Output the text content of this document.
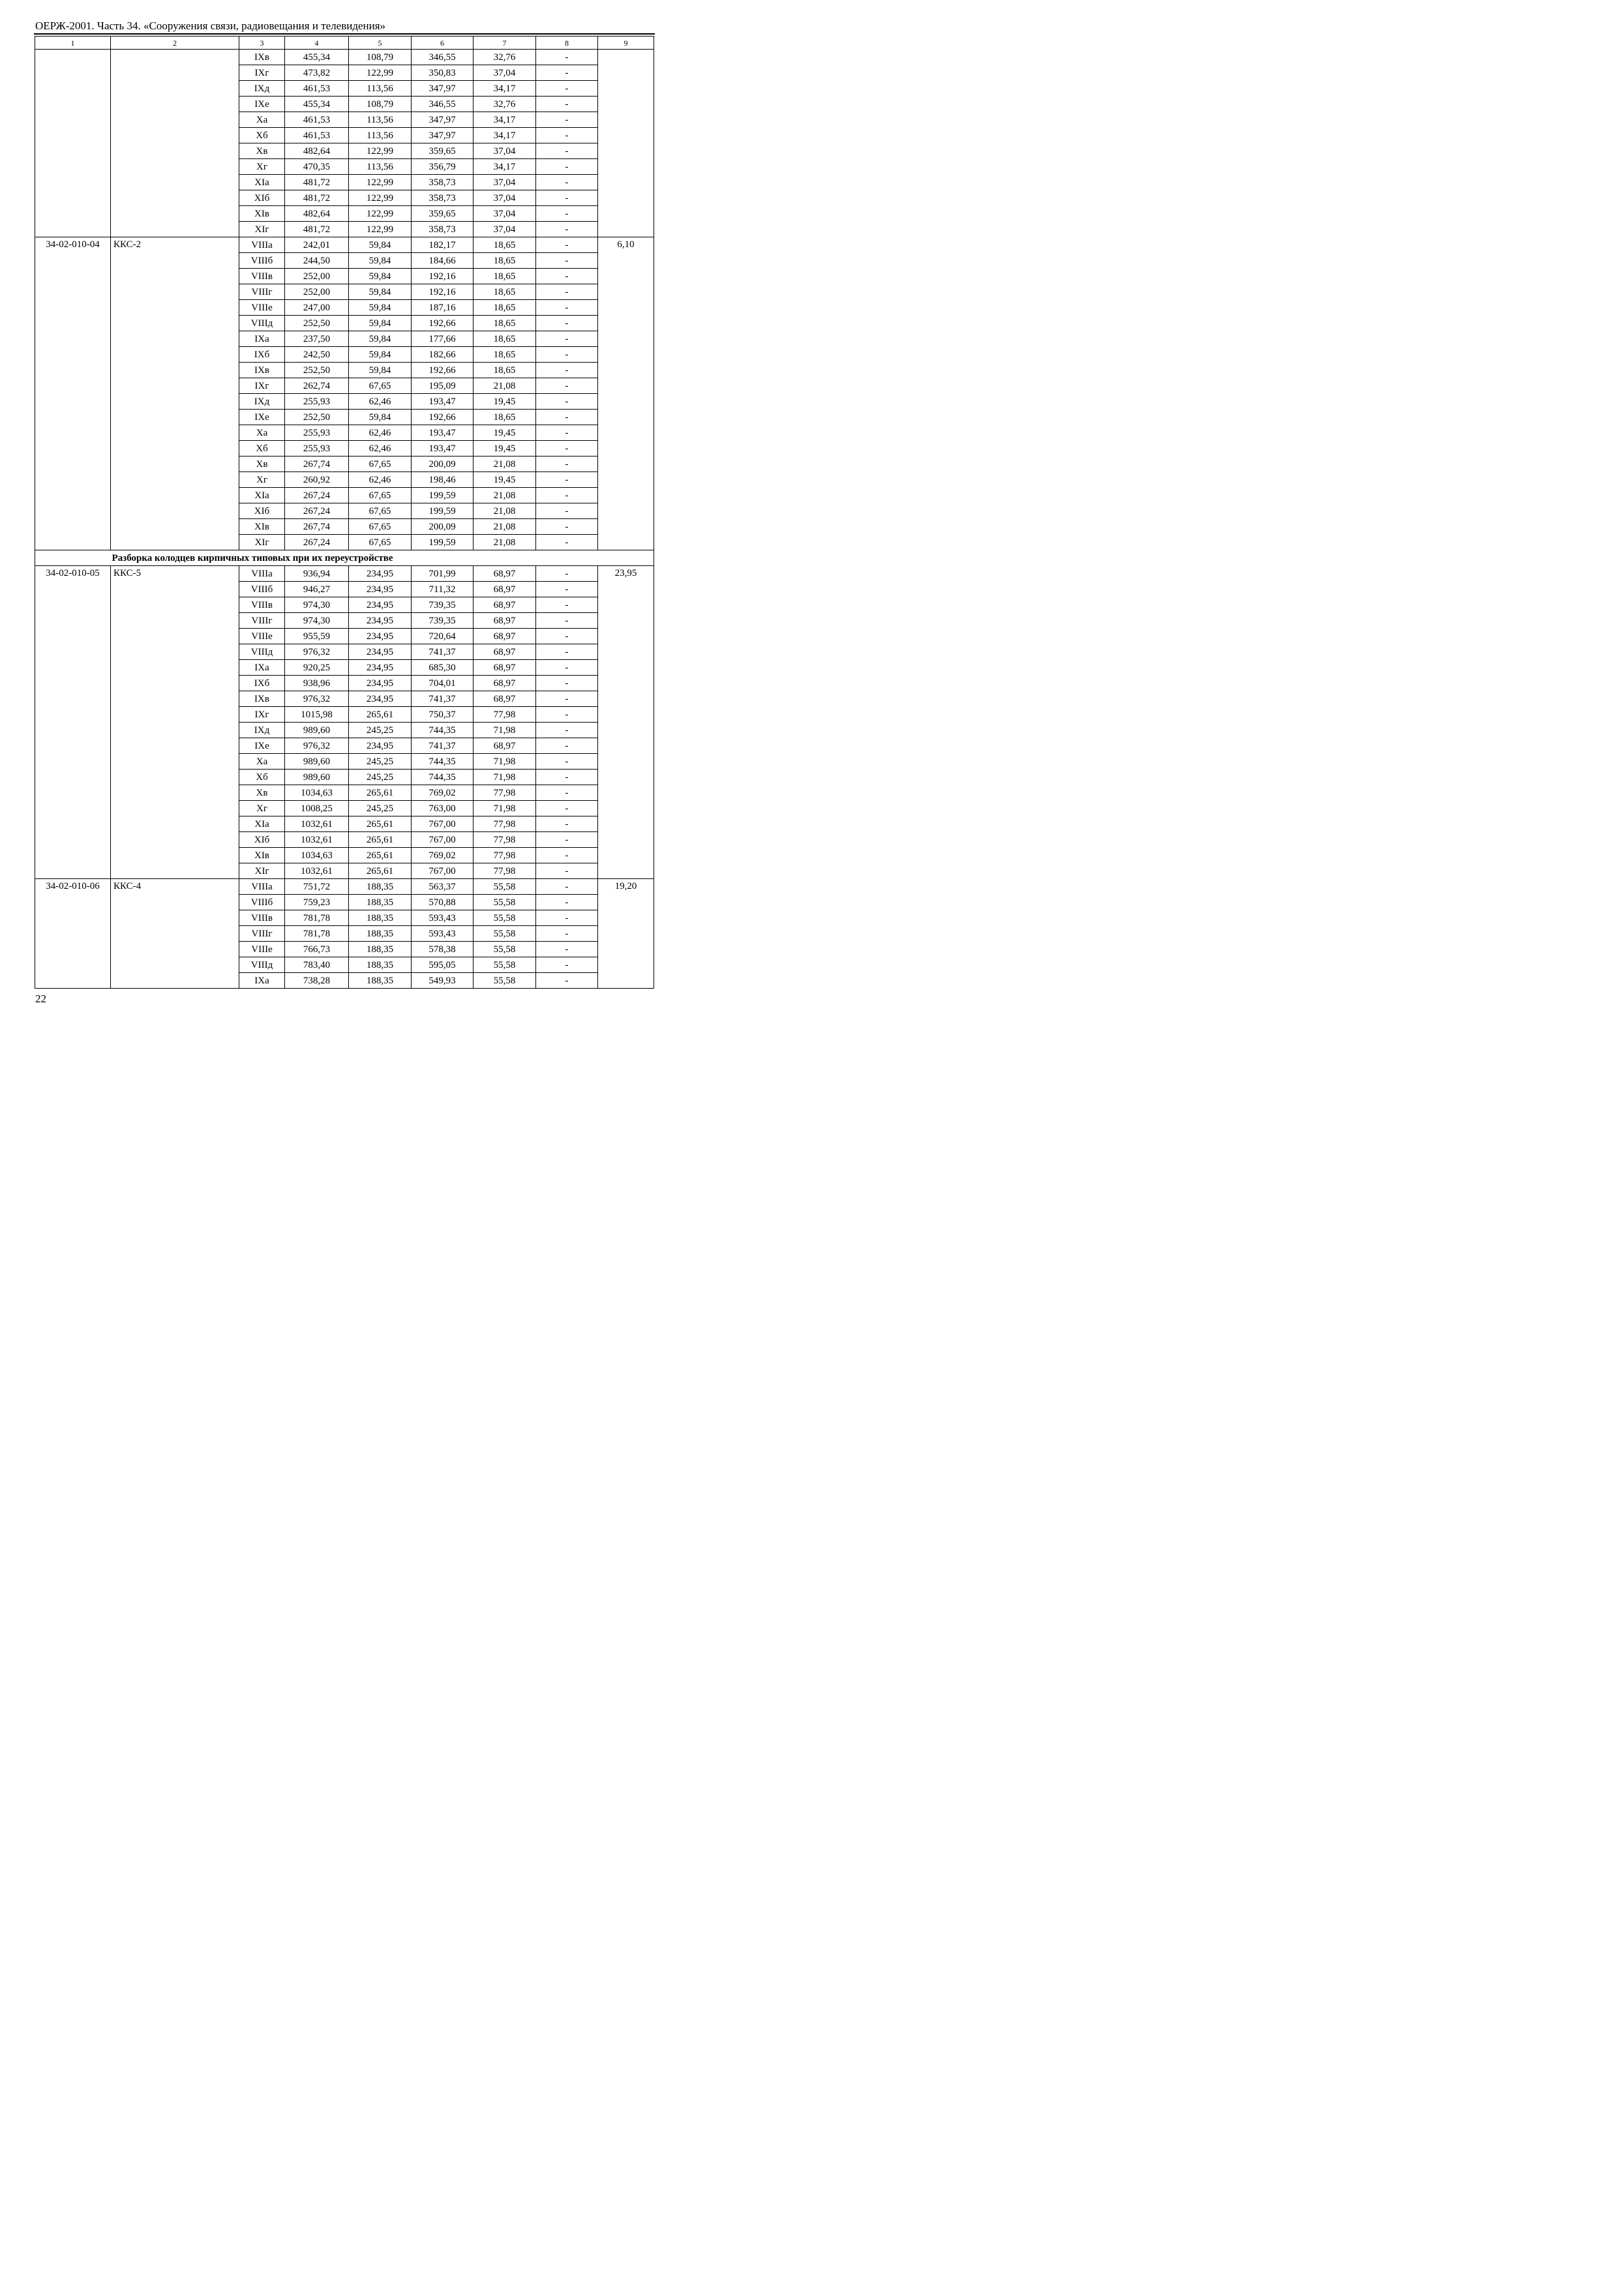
ОЕРЖ-2001. Часть 34. «Сооружения связи, радиовещания и телевидения»
1	2	3	4	5	6	7	8	9
		IXв	455,34	108,79	346,55	32,76	-	
		IXг	473,82	122,99	350,83	37,04	-	
		IXд	461,53	113,56	347,97	34,17	-	
		IXе	455,34	108,79	346,55	32,76	-	
		Xа	461,53	113,56	347,97	34,17	-	
		Xб	461,53	113,56	347,97	34,17	-	
		Xв	482,64	122,99	359,65	37,04	-	
		Xг	470,35	113,56	356,79	34,17	-	
		XIа	481,72	122,99	358,73	37,04	-	
		XIб	481,72	122,99	358,73	37,04	-	
		XIв	482,64	122,99	359,65	37,04	-	
		XIг	481,72	122,99	358,73	37,04	-	
34-02-010-04	ККС-2	VIIIа	242,01	59,84	182,17	18,65	-	6,10
		VIIIб	244,50	59,84	184,66	18,65	-	
		VIIIв	252,00	59,84	192,16	18,65	-	
		VIIIг	252,00	59,84	192,16	18,65	-	
		VIIIе	247,00	59,84	187,16	18,65	-	
		VIIIд	252,50	59,84	192,66	18,65	-	
		IXа	237,50	59,84	177,66	18,65	-	
		IXб	242,50	59,84	182,66	18,65	-	
		IXв	252,50	59,84	192,66	18,65	-	
		IXг	262,74	67,65	195,09	21,08	-	
		IXд	255,93	62,46	193,47	19,45	-	
		IXе	252,50	59,84	192,66	18,65	-	
		Xа	255,93	62,46	193,47	19,45	-	
		Xб	255,93	62,46	193,47	19,45	-	
		Xв	267,74	67,65	200,09	21,08	-	
		Xг	260,92	62,46	198,46	19,45	-	
		XIа	267,24	67,65	199,59	21,08	-	
		XIб	267,24	67,65	199,59	21,08	-	
		XIв	267,74	67,65	200,09	21,08	-	
		XIг	267,24	67,65	199,59	21,08	-	
	Разборка колодцев кирпичных типовых при их переустройстве							
34-02-010-05	ККС-5	VIIIа	936,94	234,95	701,99	68,97	-	23,95
		VIIIб	946,27	234,95	711,32	68,97	-	
		VIIIв	974,30	234,95	739,35	68,97	-	
		VIIIг	974,30	234,95	739,35	68,97	-	
		VIIIе	955,59	234,95	720,64	68,97	-	
		VIIIд	976,32	234,95	741,37	68,97	-	
		IXа	920,25	234,95	685,30	68,97	-	
		IXб	938,96	234,95	704,01	68,97	-	
		IXв	976,32	234,95	741,37	68,97	-	
		IXг	1015,98	265,61	750,37	77,98	-	
		IXд	989,60	245,25	744,35	71,98	-	
		IXе	976,32	234,95	741,37	68,97	-	
		Xа	989,60	245,25	744,35	71,98	-	
		Xб	989,60	245,25	744,35	71,98	-	
		Xв	1034,63	265,61	769,02	77,98	-	
		Xг	1008,25	245,25	763,00	71,98	-	
		XIа	1032,61	265,61	767,00	77,98	-	
		XIб	1032,61	265,61	767,00	77,98	-	
		XIв	1034,63	265,61	769,02	77,98	-	
		XIг	1032,61	265,61	767,00	77,98	-	
34-02-010-06	ККС-4	VIIIа	751,72	188,35	563,37	55,58	-	19,20
		VIIIб	759,23	188,35	570,88	55,58	-	
		VIIIв	781,78	188,35	593,43	55,58	-	
		VIIIг	781,78	188,35	593,43	55,58	-	
		VIIIе	766,73	188,35	578,38	55,58	-	
		VIIIд	783,40	188,35	595,05	55,58	-	
		IXа	738,28	188,35	549,93	55,58	-	
22
